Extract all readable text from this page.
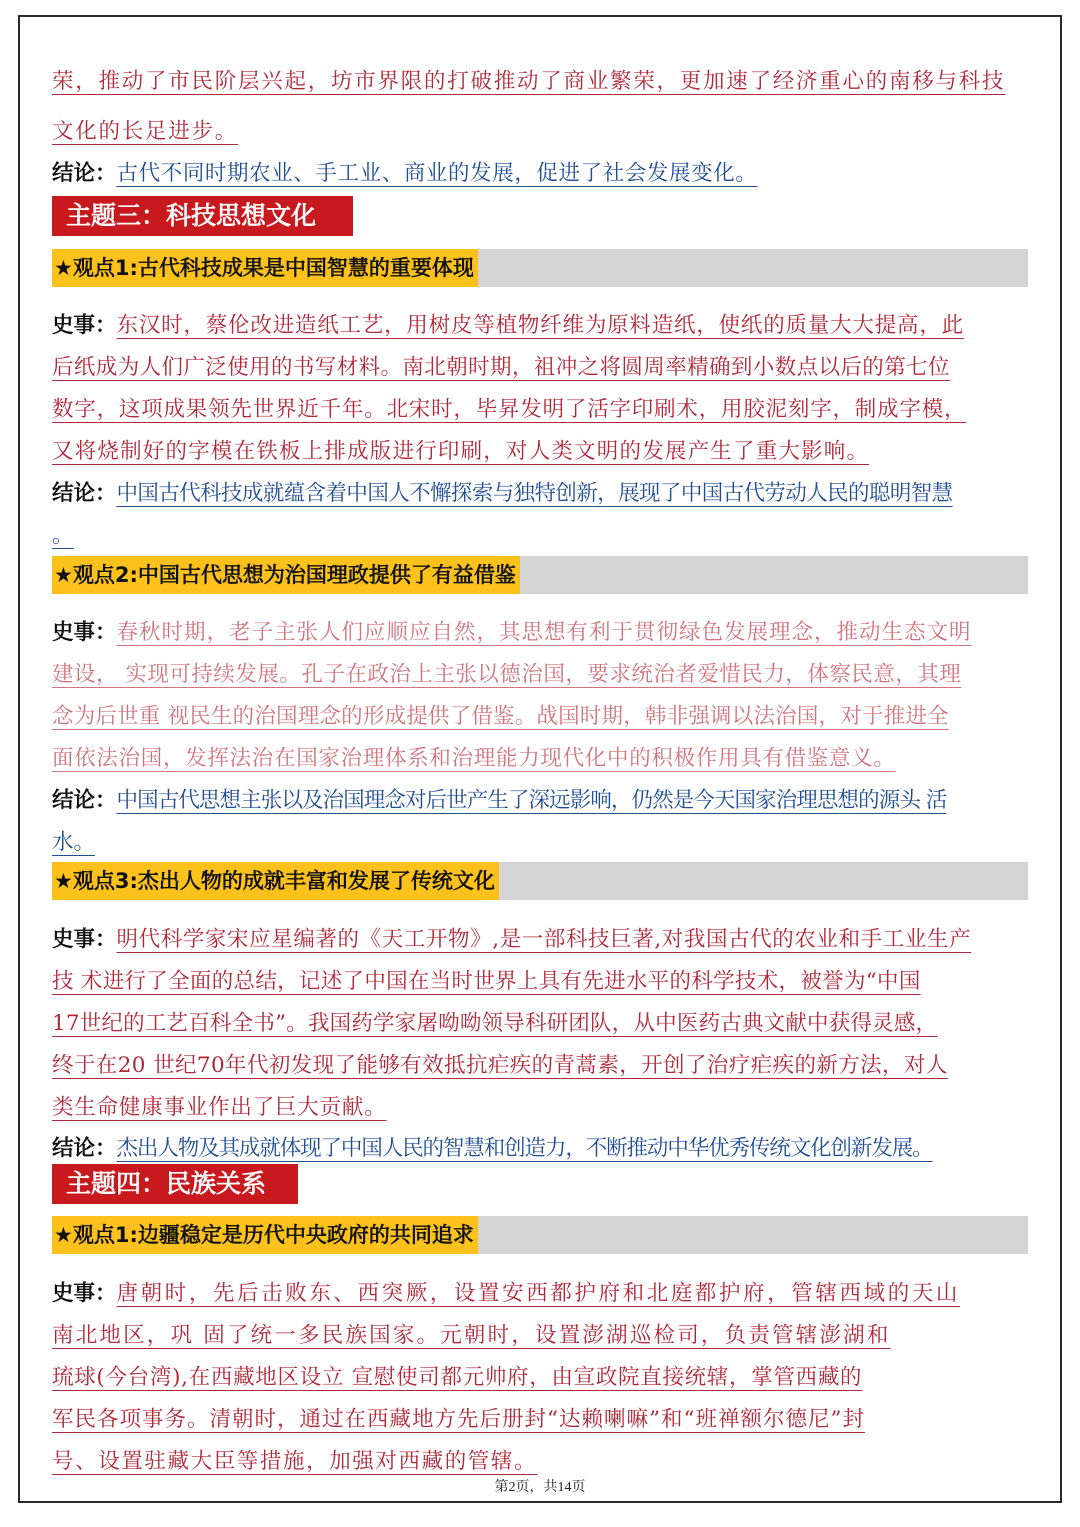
荣，推动了市民阶层兴起，坊市界限的打破推动了商业繁荣，更加速了经济重心的南移与科技
文化的长足进步。
结论：古代不同时期农业、手工业、商业的发展，促进了社会发展变化。
主题三：科技思想文化
★观点1:古代科技成果是中国智慧的重要体现
史事：东汉时，蔡伦改进造纸工艺，用树皮等植物纤维为原料造纸，使纸的质量大大提高，此
后纸成为人们广泛使用的书写材料。南北朝时期，祖冲之将圆周率精确到小数点以后的第七位
数字，这项成果领先世界近千年。北宋时，毕昇发明了活字印刷术，用胶泥刻字，制成字模，
又将烧制好的字模在铁板上排成版进行印刷，对人类文明的发展产生了重大影响。
结论：中国古代科技成就蕴含着中国人不懈探索与独特创新，展现了中国古代劳动人民的聪明智慧
。
★观点2:中国古代思想为治国理政提供了有益借鉴
史事：春秋时期，老子主张人们应顺应自然，其思想有利于贯彻绿色发展理念，推动生态文明
建设， 实现可持续发展。孔子在政治上主张以德治国，要求统治者爱惜民力，体察民意，其理
念为后世重 视民生的治国理念的形成提供了借鉴。战国时期，韩非强调以法治国，对于推进全
面依法治国，发挥法治在国家治理体系和治理能力现代化中的积极作用具有借鉴意义。
结论：中国古代思想主张以及治国理念对后世产生了深远影响，仍然是今天国家治理思想的源头 活
水。
★观点3:杰出人物的成就丰富和发展了传统文化
史事：明代科学家宋应星编著的《天工开物》,是一部科技巨著,对我国古代的农业和手工业生产
技 术进行了全面的总结，记述了中国在当时世界上具有先进水平的科学技术，被誉为“中国
17世纪的工艺百科全书”。我国药学家屠呦呦领导科研团队，从中医药古典文献中获得灵感，
终于在20 世纪70年代初发现了能够有效抵抗疟疾的青蒿素，开创了治疗疟疾的新方法，对人
类生命健康事业作出了巨大贡献。
结论：杰出人物及其成就体现了中国人民的智慧和创造力，不断推动中华优秀传统文化创新发展。
主题四：民族关系
★观点1:边疆稳定是历代中央政府的共同追求
史事：唐朝时，先后击败东、西突厥，设置安西都护府和北庭都护府，管辖西域的天山
南北地区，巩 固了统一多民族国家。元朝时，设置澎湖巡检司，负责管辖澎湖和
琉球(今台湾),在西藏地区设立 宣慰使司都元帅府，由宣政院直接统辖，掌管西藏的
军民各项事务。清朝时，通过在西藏地方先后册封“达赖喇嘛”和“班禅额尔德尼”封
号、设置驻藏大臣等措施，加强对西藏的管辖。
第2页，共14页
